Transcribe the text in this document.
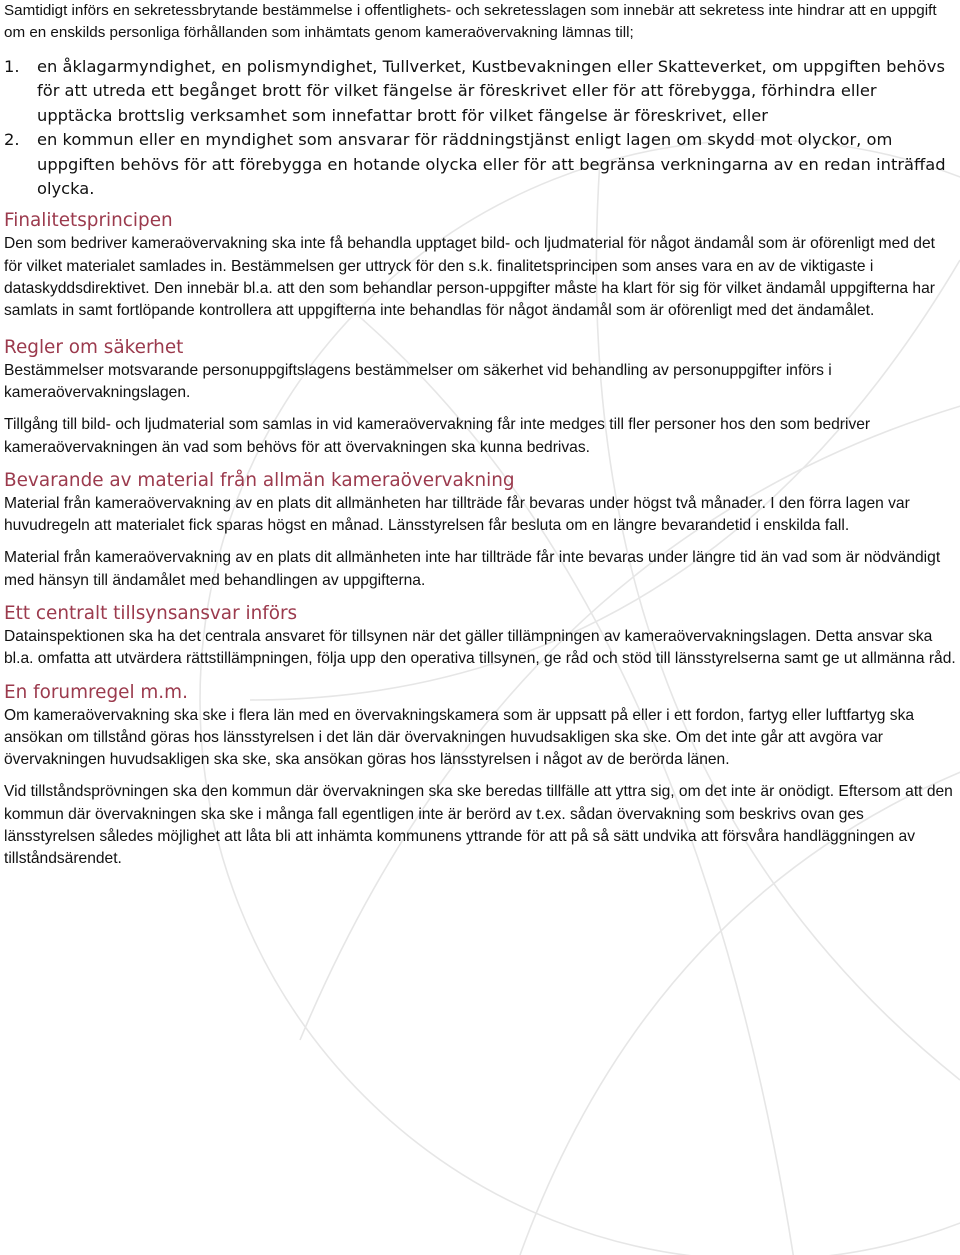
Samtidigt införs en sekretessbrytande bestämmelse i offentlighets- och sekretesslagen som innebär att sekretess inte hindrar att en uppgift om en enskilds personliga förhållanden som inhämtats genom kameraövervakning lämnas till;

1. en åklagarmyndighet, en polismyndighet, Tullverket, Kustbevakningen eller Skatteverket, om uppgiften behövs för att utreda ett begånget brott för vilket fängelse är föreskrivet eller för att förebygga, förhindra eller upptäcka brottslig verksamhet som innefattar brott för vilket fängelse är föreskrivet, eller
2. en kommun eller en myndighet som ansvarar för räddningstjänst enligt lagen om skydd mot olyckor, om uppgiften behövs för att förebygga en hotande olycka eller för att begränsa verkningarna av en redan inträffad olycka.
Finalitetsprincipen

Den som bedriver kameraövervakning ska inte få behandla upptaget bild- och ljudmaterial för något ändamål som är oförenligt med det för vilket materialet samlades in. Bestämmelsen ger uttryck för den s.k. finalitetsprincipen som anses vara en av de viktigaste i dataskyddsdirektivet. Den innebär bl.a. att den som behandlar person-uppgifter måste ha klart för sig för vilket ändamål uppgifterna har samlats in samt fortlöpande kontrollera att uppgifterna inte behandlas för något ändamål som är oförenligt med det ändamålet.

Regler om säkerhet

Bestämmelser motsvarande personuppgiftslagens bestämmelser om säkerhet vid behandling av personuppgifter införs i kameraövervakningslagen.

Tillgång till bild- och ljudmaterial som samlas in vid kameraövervakning får inte medges till fler personer hos den som bedriver kameraövervakningen än vad som behövs för att övervakningen ska kunna bedrivas.

Bevarande av material från allmän kameraövervakning

Material från kameraövervakning av en plats dit allmänheten har tillträde får bevaras under högst två månader. I den förra lagen var huvudregeln att materialet fick sparas högst en månad. Länsstyrelsen får besluta om en längre bevarandetid i enskilda fall.

Material från kameraövervakning av en plats dit allmänheten inte har tillträde får inte bevaras under längre tid än vad som är nödvändigt med hänsyn till ändamålet med behandlingen av uppgifterna.

Ett centralt tillsynsansvar införs

Datainspektionen ska ha det centrala ansvaret för tillsynen när det gäller tillämpningen av kameraövervakningslagen. Detta ansvar ska bl.a. omfatta att utvärdera rättstillämpningen, följa upp den operativa tillsynen, ge råd och stöd till länsstyrelserna samt ge ut allmänna råd.

En forumregel m.m.

Om kameraövervakning ska ske i flera län med en övervakningskamera som är uppsatt på eller i ett fordon, fartyg eller luftfartyg ska ansökan om tillstånd göras hos länsstyrelsen i det län där övervakningen huvudsakligen ska ske. Om det inte går att avgöra var övervakningen huvudsakligen ska ske, ska ansökan göras hos länsstyrelsen i något av de berörda länen.

Vid tillståndsprövningen ska den kommun där övervakningen ska ske beredas tillfälle att yttra sig, om det inte är onödigt. Eftersom att den kommun där övervakningen ska ske i många fall egentligen inte är berörd av t.ex. sådan övervakning som beskrivs ovan ges länsstyrelsen således möjlighet att låta bli att inhämta kommunens yttrande för att på så sätt undvika att försvåra handläggningen av tillståndsärendet.
